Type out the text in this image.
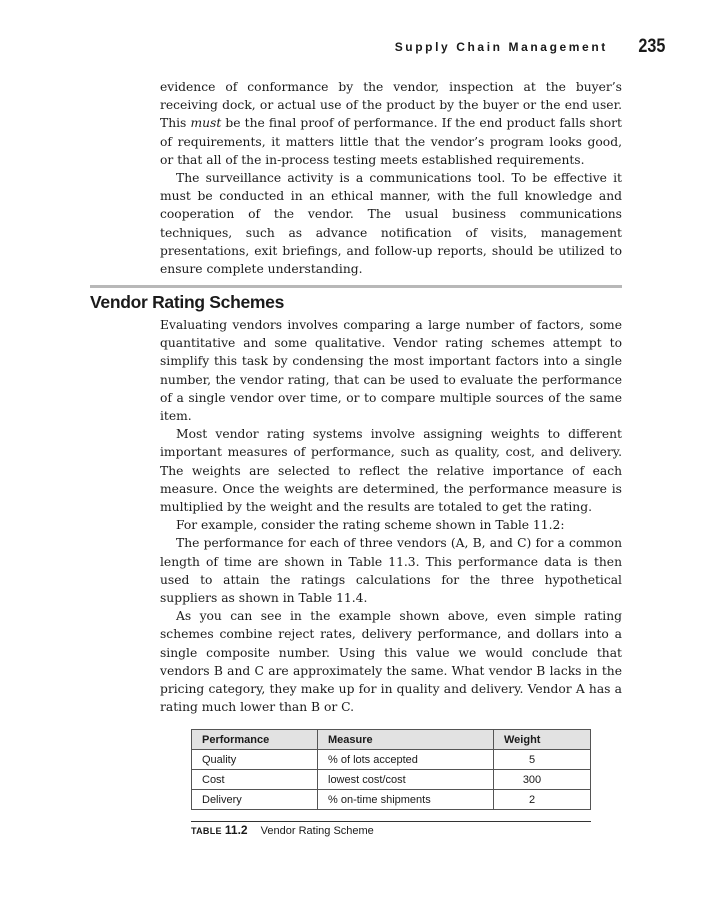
Supply Chain Management 235

evidence of conformance by the vendor, inspection at the buyer’s receiving dock, or actual use of the product by the buyer or the end user. This must be the final proof of performance. If the end product falls short of requirements, it matters little that the vendor’s program looks good, or that all of the in-process testing meets established requirements.

The surveillance activity is a communications tool. To be effective it must be conducted in an ethical manner, with the full knowledge and cooperation of the vendor. The usual business communications techniques, such as advance notification of visits, management presentations, exit briefings, and follow-up reports, should be utilized to ensure complete understanding.

Vendor Rating Schemes

Evaluating vendors involves comparing a large number of factors, some quantitative and some qualitative. Vendor rating schemes attempt to simplify this task by condensing the most important factors into a single number, the vendor rating, that can be used to evaluate the performance of a single vendor over time, or to compare multiple sources of the same item.

Most vendor rating systems involve assigning weights to different important measures of performance, such as quality, cost, and delivery. The weights are selected to reflect the relative importance of each measure. Once the weights are determined, the performance measure is multiplied by the weight and the results are totaled to get the rating.

For example, consider the rating scheme shown in Table 11.2:

The performance for each of three vendors (A, B, and C) for a common length of time are shown in Table 11.3. This performance data is then used to attain the ratings calculations for the three hypothetical suppliers as shown in Table 11.4.

As you can see in the example shown above, even simple rating schemes combine reject rates, delivery performance, and dollars into a single composite number. Using this value we would conclude that vendors B and C are approximately the same. What vendor B lacks in the pricing category, they make up for in quality and delivery. Vendor A has a rating much lower than B or C.

Performance	Measure	Weight
Quality	% of lots accepted	5
Cost	lowest cost/cost	300
Delivery	% on-time shipments	2
TABLE 11.2 Vendor Rating Scheme
